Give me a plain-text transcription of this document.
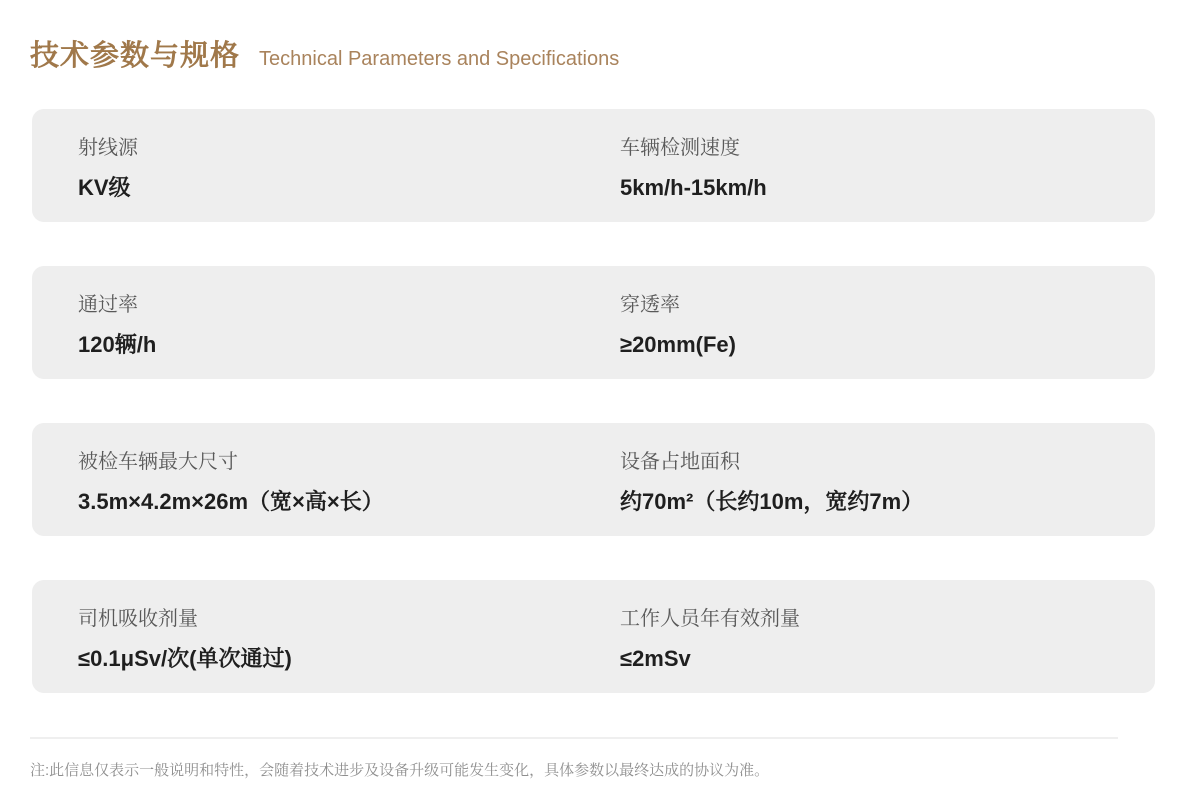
技术参数与规格 Technical Parameters and Specifications
射线源
KV级
车辆检测速度
5km/h-15km/h
通过率
120辆/h
穿透率
≥20mm(Fe)
被检车辆最大尺寸
3.5m×4.2m×26m（宽×高×长）
设备占地面积
约70m²（长约10m，宽约7m）
司机吸收剂量
≤0.1μSv/次(单次通过)
工作人员年有效剂量
≤2mSv

注:此信息仅表示一般说明和特性，会随着技术进步及设备升级可能发生变化，具体参数以最终达成的协议为准。
